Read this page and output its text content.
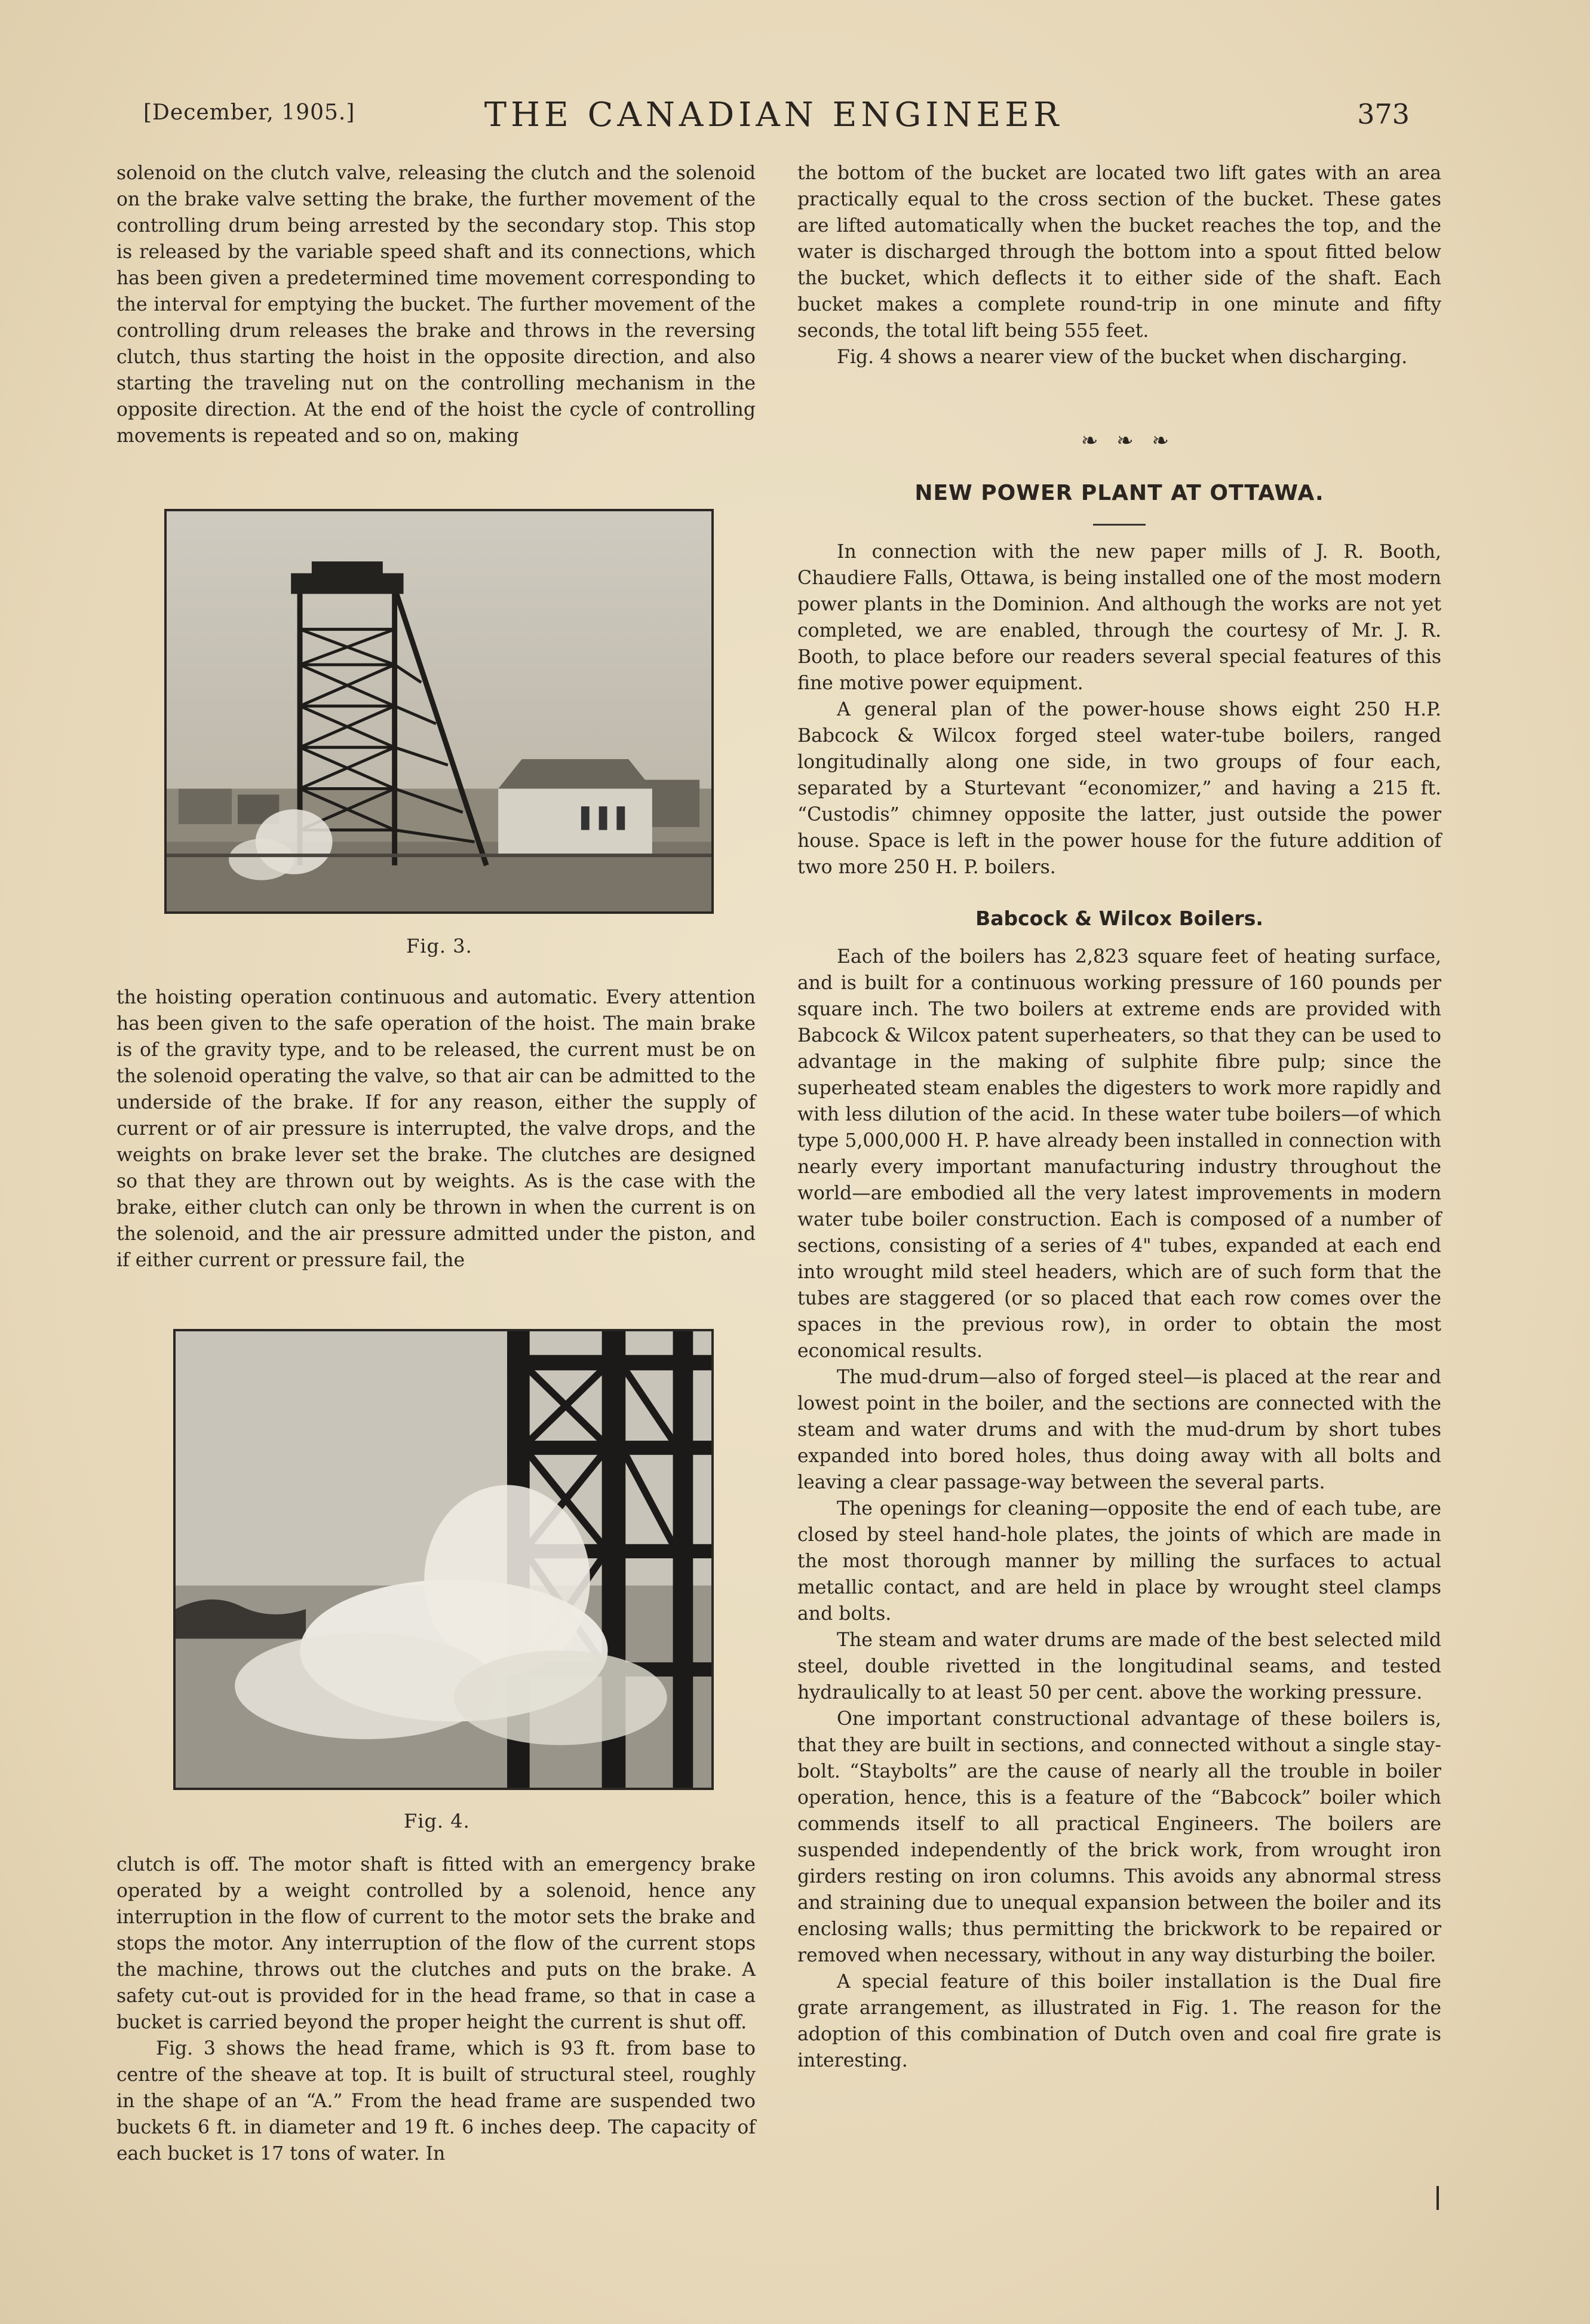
[December, 1905.]	THE CANADIAN ENGINEER	373

solenoid on the clutch valve, releasing the clutch and the solenoid on the brake valve setting the brake, the further movement of the controlling drum being arrested by the secondary stop. This stop is released by the variable speed shaft and its connections, which has been given a predetermined time movement corresponding to the interval for emptying the bucket. The further movement of the controlling drum releases the brake and throws in the reversing clutch, thus starting the hoist in the opposite direction, and also starting the traveling nut on the controlling mechanism in the opposite direction. At the end of the hoist the cycle of controlling movements is repeated and so on, making

Fig. 3.

the hoisting operation continuous and automatic. Every attention has been given to the safe operation of the hoist. The main brake is of the gravity type, and to be released, the current must be on the solenoid operating the valve, so that air can be admitted to the underside of the brake. If for any reason, either the supply of current or of air pressure is interrupted, the valve drops, and the weights on brake lever set the brake. The clutches are designed so that they are thrown out by weights. As is the case with the brake, either clutch can only be thrown in when the current is on the solenoid, and the air pressure admitted under the piston, and if either current or pressure fail, the

Fig. 4.

clutch is off. The motor shaft is fitted with an emergency brake operated by a weight controlled by a solenoid, hence any interruption in the flow of current to the motor sets the brake and stops the motor. Any interruption of the flow of the current stops the machine, throws out the clutches and puts on the brake. A safety cut-out is provided for in the head frame, so that in case a bucket is carried beyond the proper height the current is shut off.

Fig. 3 shows the head frame, which is 93 ft. from base to centre of the sheave at top. It is built of structural steel, roughly in the shape of an “A.” From the head frame are suspended two buckets 6 ft. in diameter and 19 ft. 6 inches deep. The capacity of each bucket is 17 tons of water. In

the bottom of the bucket are located two lift gates with an area practically equal to the cross section of the bucket. These gates are lifted automatically when the bucket reaches the top, and the water is discharged through the bottom into a spout fitted below the bucket, which deflects it to either side of the shaft. Each bucket makes a complete round-trip in one minute and fifty seconds, the total lift being 555 feet.

Fig. 4 shows a nearer view of the bucket when discharging.

❧ ❧ ❧
NEW POWER PLANT AT OTTAWA.

In connection with the new paper mills of J. R. Booth, Chaudiere Falls, Ottawa, is being installed one of the most modern power plants in the Dominion. And although the works are not yet completed, we are enabled, through the courtesy of Mr. J. R. Booth, to place before our readers several special features of this fine motive power equipment.

A general plan of the power-house shows eight 250 H.P. Babcock & Wilcox forged steel water-tube boilers, ranged longitudinally along one side, in two groups of four each, separated by a Sturtevant “economizer,” and having a 215 ft. “Custodis” chimney opposite the latter, just outside the power house. Space is left in the power house for the future addition of two more 250 H. P. boilers.

Babcock & Wilcox Boilers.

Each of the boilers has 2,823 square feet of heating surface, and is built for a continuous working pressure of 160 pounds per square inch. The two boilers at extreme ends are provided with Babcock & Wilcox patent superheaters, so that they can be used to advantage in the making of sulphite fibre pulp; since the superheated steam enables the digesters to work more rapidly and with less dilution of the acid. In these water tube boilers—of which type 5,000,000 H. P. have already been installed in connection with nearly every important manufacturing industry throughout the world—are embodied all the very latest improvements in modern water tube boiler construction. Each is composed of a number of sections, consisting of a series of 4" tubes, expanded at each end into wrought mild steel headers, which are of such form that the tubes are staggered (or so placed that each row comes over the spaces in the previous row), in order to obtain the most economical results.

The mud-drum—also of forged steel—is placed at the rear and lowest point in the boiler, and the sections are connected with the steam and water drums and with the mud-drum by short tubes expanded into bored holes, thus doing away with all bolts and leaving a clear passage-way between the several parts.

The openings for cleaning—opposite the end of each tube, are closed by steel hand-hole plates, the joints of which are made in the most thorough manner by milling the surfaces to actual metallic contact, and are held in place by wrought steel clamps and bolts.

The steam and water drums are made of the best selected mild steel, double rivetted in the longitudinal seams, and tested hydraulically to at least 50 per cent. above the working pressure.

One important constructional advantage of these boilers is, that they are built in sections, and connected without a single stay-bolt. “Staybolts” are the cause of nearly all the trouble in boiler operation, hence, this is a feature of the “Babcock” boiler which commends itself to all practical Engineers. The boilers are suspended independently of the brick work, from wrought iron girders resting on iron columns. This avoids any abnormal stress and straining due to unequal expansion between the boiler and its enclosing walls; thus permitting the brickwork to be repaired or removed when necessary, without in any way disturbing the boiler.

A special feature of this boiler installation is the Dual fire grate arrangement, as illustrated in Fig. 1. The reason for the adoption of this combination of Dutch oven and coal fire grate is interesting.
